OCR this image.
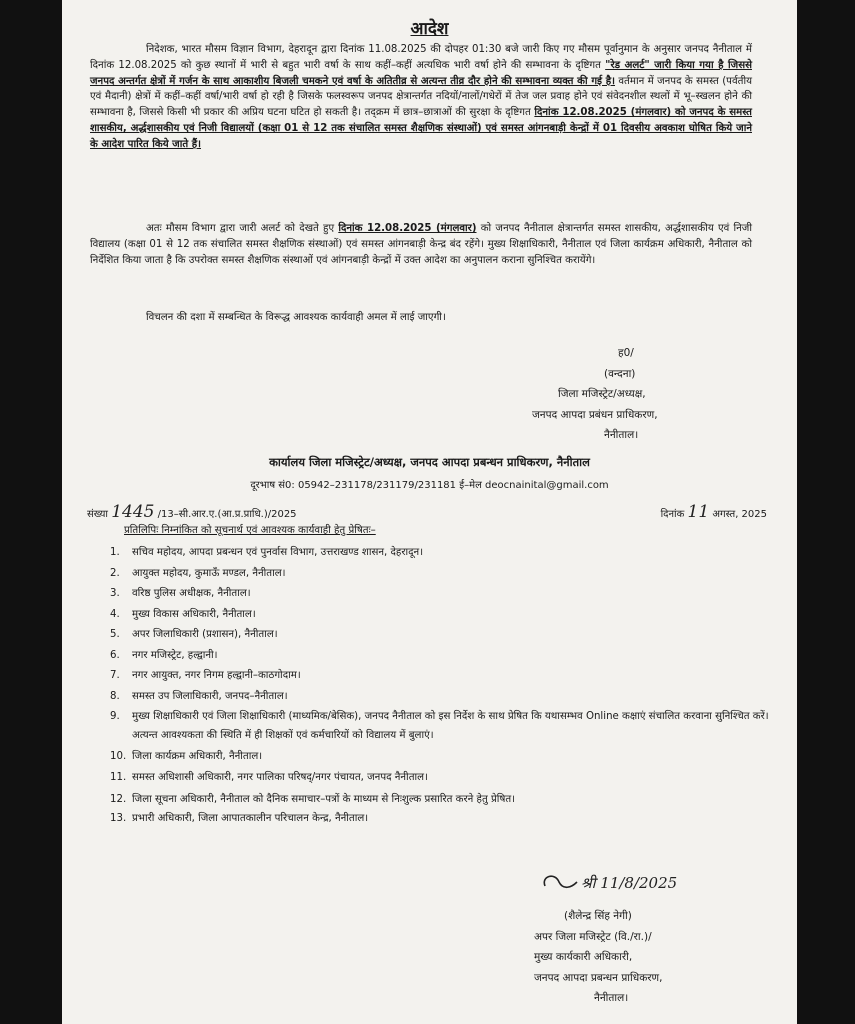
आदेश
निदेशक, भारत मौसम विज्ञान विभाग, देहरादून द्वारा दिनांक 11.08.2025 की दोपहर 01:30 बजे जारी किए गए मौसम पूर्वानुमान के अनुसार जनपद नैनीताल में दिनांक 12.08.2025 को कुछ स्थानों में भारी से बहुत भारी वर्षा के साथ कहीं–कहीं अत्यधिक भारी वर्षा होने की सम्भावना के दृष्टिगत "रेड अलर्ट" जारी किया गया है जिससे जनपद अन्तर्गत क्षेत्रों में गर्जन के साथ आकाशीय बिजली चमकने एवं वर्षा के अतितीव्र से अत्यन्त तीव्र दौर होने की सम्भावना व्यक्त की गई है। वर्तमान में जनपद के समस्त (पर्वतीय एवं मैदानी) क्षेत्रों में कहीं–कहीं वर्षा/भारी वर्षा हो रही है जिसके फलस्वरूप जनपद क्षेत्रान्तर्गत नदियों/नालों/गधेरों में तेज जल प्रवाह होने एवं संवेदनशील स्थलों में भू–स्खलन होने की सम्भावना है, जिससे किसी भी प्रकार की अप्रिय घटना घटित हो सकती है। तद्क्रम में छात्र–छात्राओं की सुरक्षा के दृष्टिगत दिनांक 12.08.2025 (मंगलवार) को जनपद के समस्त शासकीय, अर्द्धशासकीय एवं निजी विद्यालयों (कक्षा 01 से 12 तक संचालित समस्त शैक्षणिक संस्थाओं) एवं समस्त आंगनबाड़ी केन्द्रों में 01 दिवसीय अवकाश घोषित किये जाने के आदेश पारित किये जाते हैं।
अतः मौसम विभाग द्वारा जारी अलर्ट को देखते हुए दिनांक 12.08.2025 (मंगलवार) को जनपद नैनीताल क्षेत्रान्तर्गत समस्त शासकीय, अर्द्धशासकीय एवं निजी विद्यालय (कक्षा 01 से 12 तक संचालित समस्त शैक्षणिक संस्थाओं) एवं समस्त आंगनबाड़ी केन्द्र बंद रहेंगे। मुख्य शिक्षाधिकारी, नैनीताल एवं जिला कार्यक्रम अधिकारी, नैनीताल को निर्देशित किया जाता है कि उपरोक्त समस्त शैक्षणिक संस्थाओं एवं आंगनबाड़ी केन्द्रों में उक्त आदेश का अनुपालन कराना सुनिश्चित करायेंगे।
विचलन की दशा में सम्बन्धित के विरूद्ध आवश्यक कार्यवाही अमल में लाई जाएगी।
ह0/
(वन्दना)
जिला मजिस्ट्रेट/अध्यक्ष,
जनपद आपदा प्रबंधन प्राधिकरण,
नैनीताल।
कार्यालय जिला मजिस्ट्रेट/अध्यक्ष, जनपद आपदा प्रबन्धन प्राधिकरण, नैनीताल
दूरभाष सं0: 05942–231178/231179/231181 ई–मेल deocnainital@gmail.com
संख्या 1445 /13–सी.आर.ए.(आ.प्र.प्राधि.)/2025	दिनांक 11 अगस्त, 2025
प्रतिलिपिः निम्नांकित को सूचनार्थ एवं आवश्यक कार्यवाही हेतु प्रेषितः–
1. सचिव महोदय, आपदा प्रबन्धन एवं पुनर्वास विभाग, उत्तराखण्ड शासन, देहरादून।
2. आयुक्त महोदय, कुमाऊँ मण्डल, नैनीताल।
3. वरिष्ठ पुलिस अधीक्षक, नैनीताल।
4. मुख्य विकास अधिकारी, नैनीताल।
5. अपर जिलाधिकारी (प्रशासन), नैनीताल।
6. नगर मजिस्ट्रेट, हल्द्वानी।
7. नगर आयुक्त, नगर निगम हल्द्वानी–काठगोदाम।
8. समस्त उप जिलाधिकारी, जनपद–नैनीताल।
9. मुख्य शिक्षाधिकारी एवं जिला शिक्षाधिकारी (माध्यमिक/बेसिक), जनपद नैनीताल को इस निर्देश के साथ प्रेषित कि यथासम्भव Online कक्षाएं संचालित करवाना सुनिश्चित करें। अत्यन्त आवश्यकता की स्थिति में ही शिक्षकों एवं कर्मचारियों को विद्यालय में बुलाएं।
10. जिला कार्यक्रम अधिकारी, नैनीताल।
11. समस्त अधिशासी अधिकारी, नगर पालिका परिषद्/नगर पंचायत, जनपद नैनीताल।
12. जिला सूचना अधिकारी, नैनीताल को दैनिक समाचार–पत्रों के माध्यम से निःशुल्क प्रसारित करने हेतु प्रेषित।
13. प्रभारी अधिकारी, जिला आपातकालीन परिचालन केन्द्र, नैनीताल।
श्री 11/8/2025
(शैलेन्द्र सिंह नेगी)
अपर जिला मजिस्ट्रेट (वि./रा.)/
मुख्य कार्यकारी अधिकारी,
जनपद आपदा प्रबन्धन प्राधिकरण,
नैनीताल।
